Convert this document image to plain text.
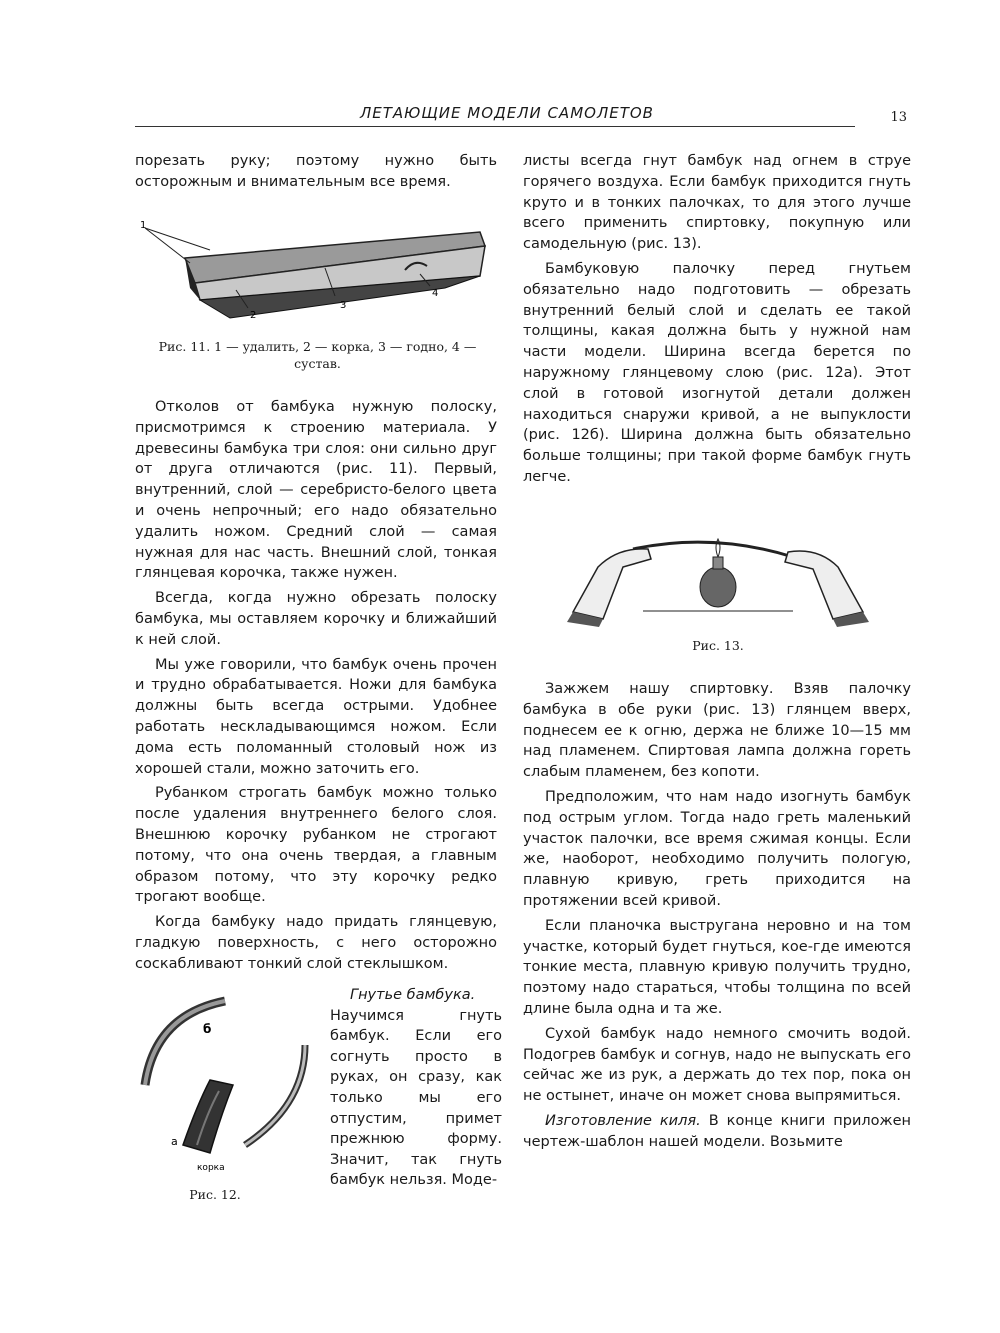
ЛЕТАЮЩИЕ МОДЕЛИ САМОЛЕТОВ	13

порезать руку; поэтому нужно быть осторожным и внимательным все время.

1
2
3
4
Рис. 11. 1 — удалить, 2 — корка, 3 — годно, 4 — сустав.

Отколов от бамбука нужную полоску, присмотримся к строению материала. У древесины бамбука три слоя: они сильно друг от друга отличаются (рис. 11). Первый, внутренний, слой — серебристо-белого цвета и очень непрочный; его надо обязательно удалить ножом. Средний слой — самая нужная для нас часть. Внешний слой, тонкая глянцевая корочка, также нужен.

Всегда, когда нужно обрезать полоску бамбука, мы оставляем корочку и ближайший к ней слой.

Мы уже говорили, что бамбук очень прочен и трудно обрабатывается. Ножи для бамбука должны быть всегда острыми. Удобнее работать нескладывающимся ножом. Если дома есть поломанный столовый нож из хорошей стали, можно заточить его.

Рубанком строгать бамбук можно только после удаления внутреннего белого слоя. Внешнюю корочку рубанком не строгают потому, что она очень твердая, а главным образом потому, что эту корочку редко трогают вообще.

Когда бамбуку надо придать глянцевую, гладкую поверхность, с него осторожно соскабливают тонкий слой стеклышком.

б
а
корка
Рис. 12.

Гнутье бамбука.

Научимся гнуть бамбук. Если его согнуть просто в руках, он сразу, как только мы его отпустим, примет прежнюю форму. Значит, так гнуть бамбук нельзя. Моде-

листы всегда гнут бамбук над огнем в струе горячего воздуха. Если бамбук приходится гнуть круто и в тонких палочках, то для этого лучше всего применить спиртовку, покупную или самодельную (рис. 13).

Бамбуковую палочку перед гнутьем обязательно надо подготовить — обрезать внутренний белый слой и сделать ее такой толщины, какая должна быть у нужной нам части модели. Ширина всегда берется по наружному глянцевому слою (рис. 12а). Этот слой в готовой изогнутой детали должен находиться снаружи кривой, а не выпуклости (рис. 12б). Ширина должна быть обязательно больше толщины; при такой форме бамбук гнуть легче.

Рис. 13.

Зажжем нашу спиртовку. Взяв палочку бамбука в обе руки (рис. 13) глянцем вверх, поднесем ее к огню, держа не ближе 10—15 мм над пламенем. Спиртовая лампа должна гореть слабым пламенем, без копоти.

Предположим, что нам надо изогнуть бамбук под острым углом. Тогда надо греть маленький участок палочки, все время сжимая концы. Если же, наоборот, необходимо получить пологую, плавную кривую, греть приходится на протяжении всей кривой.

Если планочка выстругана неровно и на том участке, который будет гнуться, кое-где имеются тонкие места, плавную кривую получить трудно, поэтому надо стараться, чтобы толщина по всей длине была одна и та же.

Сухой бамбук надо немного смочить водой. Подогрев бамбук и согнув, надо не выпускать его сейчас же из рук, а держать до тех пор, пока он не остынет, иначе он может снова выпрямиться.

Изготовление киля. В конце книги приложен чертеж-шаблон нашей модели. Возьмите
